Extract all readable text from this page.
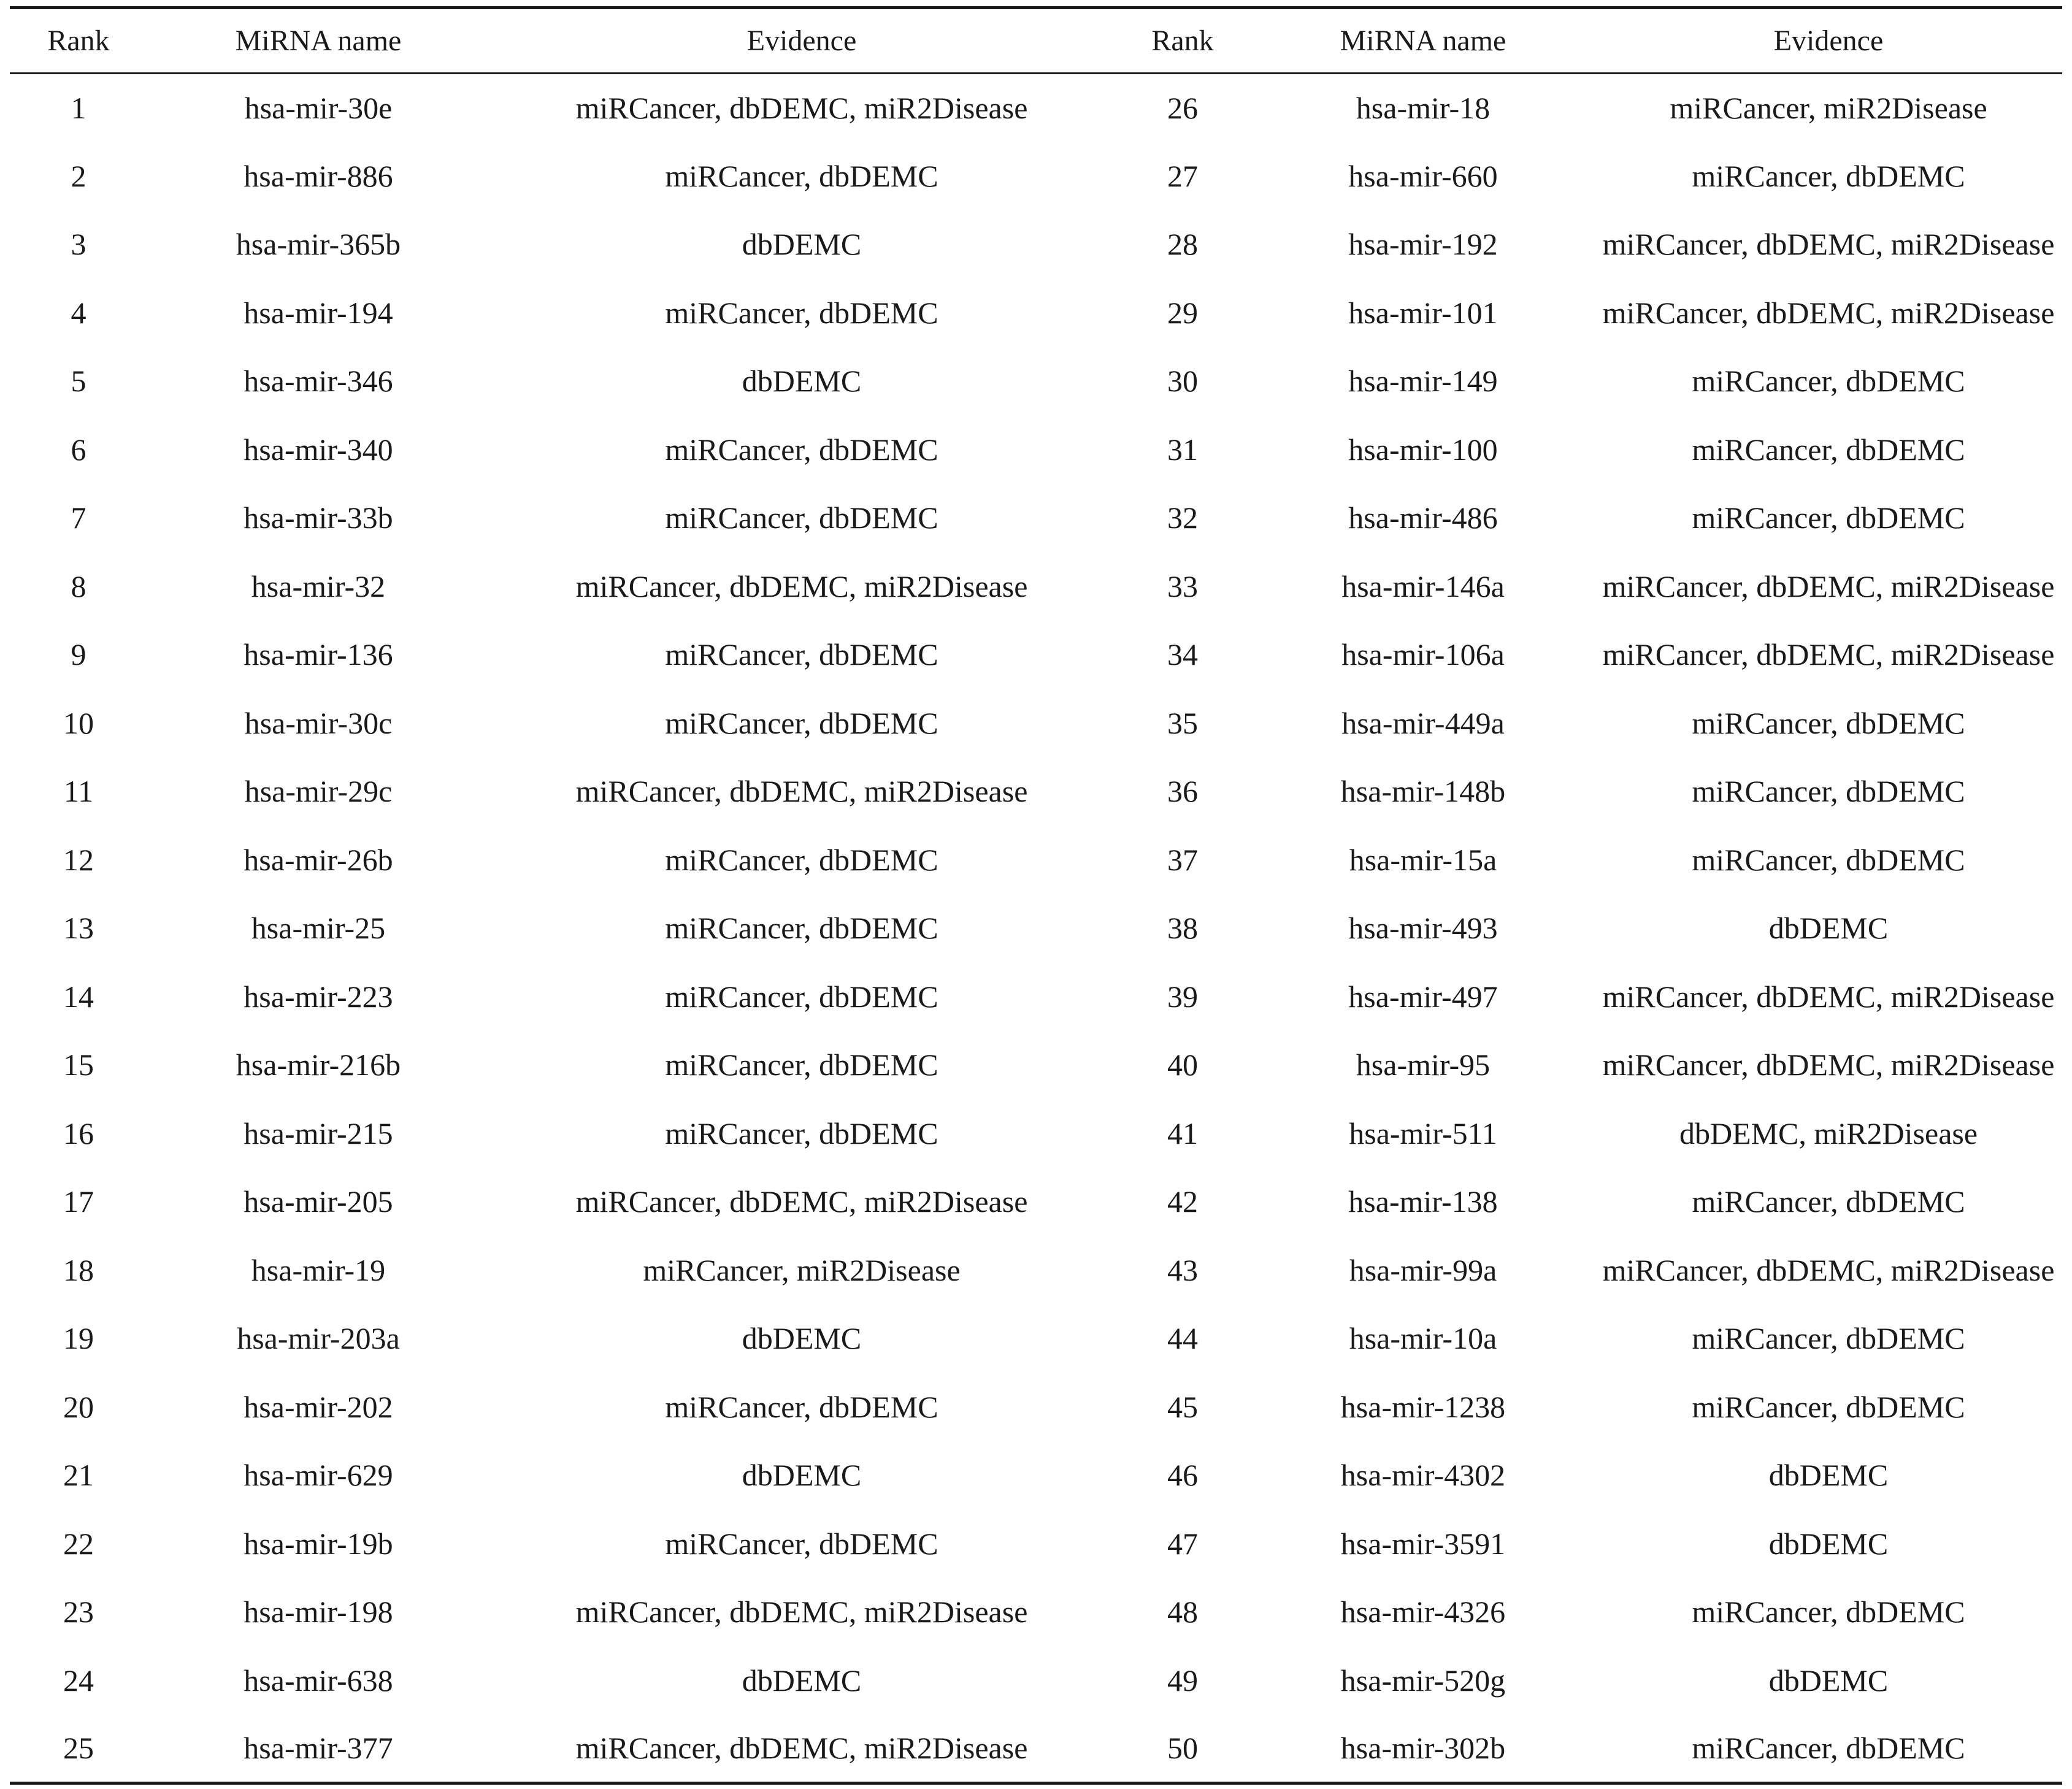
Rank	MiRNA name	Evidence	Rank	MiRNA name	Evidence
1	hsa-mir-30e	miRCancer, dbDEMC, miR2Disease	26	hsa-mir-18	miRCancer, miR2Disease
2	hsa-mir-886	miRCancer, dbDEMC	27	hsa-mir-660	miRCancer, dbDEMC
3	hsa-mir-365b	dbDEMC	28	hsa-mir-192	miRCancer, dbDEMC, miR2Disease
4	hsa-mir-194	miRCancer, dbDEMC	29	hsa-mir-101	miRCancer, dbDEMC, miR2Disease
5	hsa-mir-346	dbDEMC	30	hsa-mir-149	miRCancer, dbDEMC
6	hsa-mir-340	miRCancer, dbDEMC	31	hsa-mir-100	miRCancer, dbDEMC
7	hsa-mir-33b	miRCancer, dbDEMC	32	hsa-mir-486	miRCancer, dbDEMC
8	hsa-mir-32	miRCancer, dbDEMC, miR2Disease	33	hsa-mir-146a	miRCancer, dbDEMC, miR2Disease
9	hsa-mir-136	miRCancer, dbDEMC	34	hsa-mir-106a	miRCancer, dbDEMC, miR2Disease
10	hsa-mir-30c	miRCancer, dbDEMC	35	hsa-mir-449a	miRCancer, dbDEMC
11	hsa-mir-29c	miRCancer, dbDEMC, miR2Disease	36	hsa-mir-148b	miRCancer, dbDEMC
12	hsa-mir-26b	miRCancer, dbDEMC	37	hsa-mir-15a	miRCancer, dbDEMC
13	hsa-mir-25	miRCancer, dbDEMC	38	hsa-mir-493	dbDEMC
14	hsa-mir-223	miRCancer, dbDEMC	39	hsa-mir-497	miRCancer, dbDEMC, miR2Disease
15	hsa-mir-216b	miRCancer, dbDEMC	40	hsa-mir-95	miRCancer, dbDEMC, miR2Disease
16	hsa-mir-215	miRCancer, dbDEMC	41	hsa-mir-511	dbDEMC, miR2Disease
17	hsa-mir-205	miRCancer, dbDEMC, miR2Disease	42	hsa-mir-138	miRCancer, dbDEMC
18	hsa-mir-19	miRCancer, miR2Disease	43	hsa-mir-99a	miRCancer, dbDEMC, miR2Disease
19	hsa-mir-203a	dbDEMC	44	hsa-mir-10a	miRCancer, dbDEMC
20	hsa-mir-202	miRCancer, dbDEMC	45	hsa-mir-1238	miRCancer, dbDEMC
21	hsa-mir-629	dbDEMC	46	hsa-mir-4302	dbDEMC
22	hsa-mir-19b	miRCancer, dbDEMC	47	hsa-mir-3591	dbDEMC
23	hsa-mir-198	miRCancer, dbDEMC, miR2Disease	48	hsa-mir-4326	miRCancer, dbDEMC
24	hsa-mir-638	dbDEMC	49	hsa-mir-520g	dbDEMC
25	hsa-mir-377	miRCancer, dbDEMC, miR2Disease	50	hsa-mir-302b	miRCancer, dbDEMC
